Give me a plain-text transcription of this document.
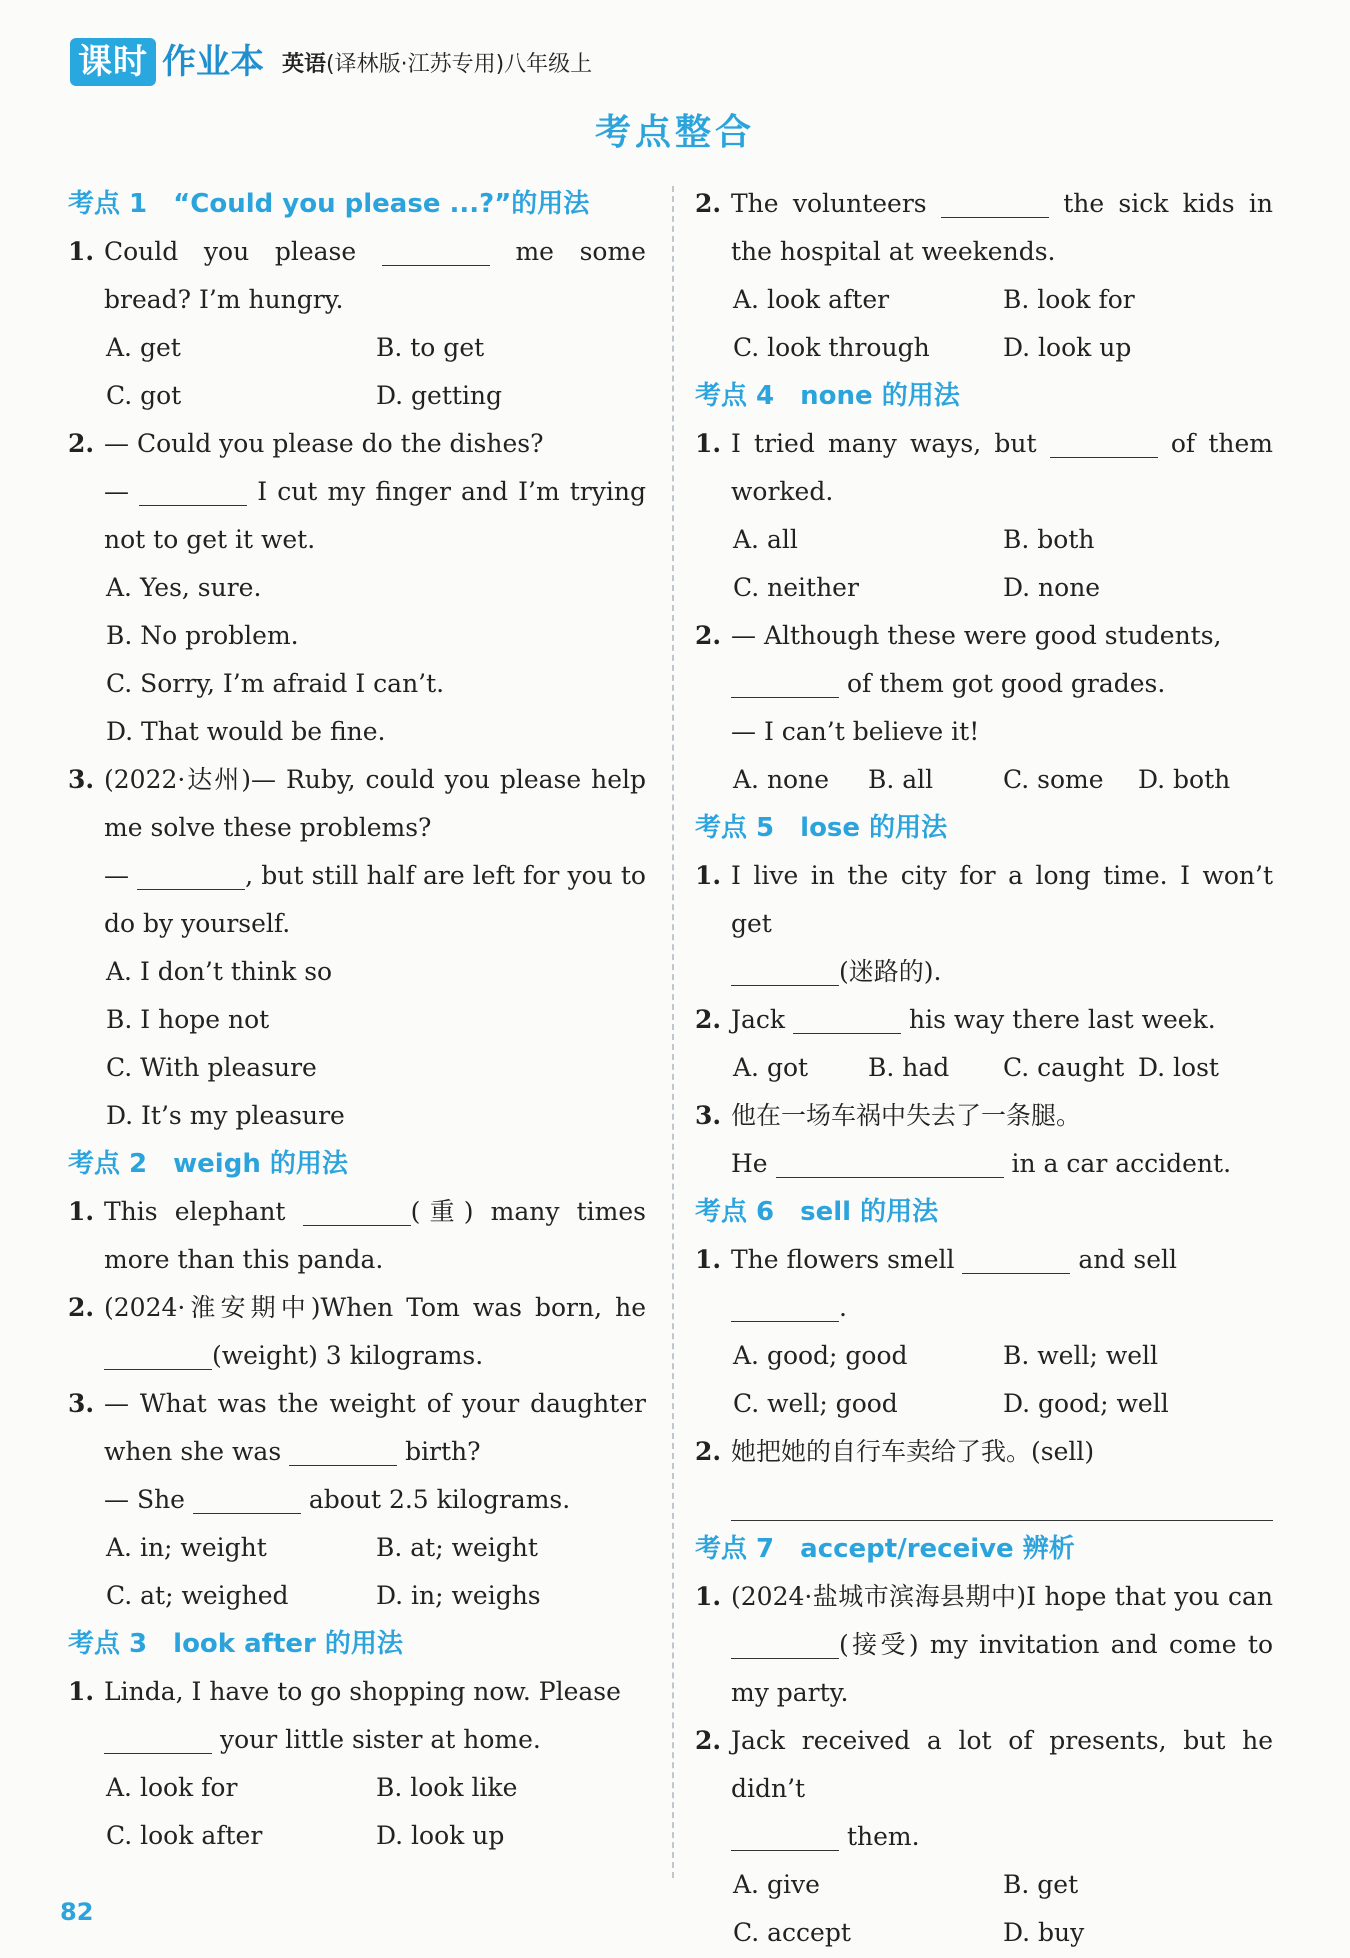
课时 作业本 英语(译林版·江苏专用)八年级上
考点整合
考点 1 “Could you please ...?”的用法
1. Could you please	me some bread? I’m hungry.
A. get	B. to get
C. got	D. getting
2. — Could you please do the dishes?
—	I cut my finger and I’m trying not to get it wet.
A. Yes, sure.
B. No problem.
C. Sorry, I’m afraid I can’t.
D. That would be fine.
3. (2022·达州)— Ruby, could you please help me solve these problems?
—	, but still half are left for you to do by yourself.
A. I don’t think so
B. I hope not
C. With pleasure
D. It’s my pleasure
考点 2 weigh 的用法
1. This elephant	(重) many times more than this panda.
2. (2024·淮安期中)When Tom was born, he (weight) 3 kilograms.
3. — What was the weight of your daughter when she was	birth?
— She	about 2.5 kilograms.
A. in; weight	B. at; weight
C. at; weighed	D. in; weighs
考点 3 look after 的用法
1. Linda, I have to go shopping now. Please
your little sister at home.
A. look for	B. look like
C. look after	D. look up
2. The volunteers	the sick kids in the hospital at weekends.
A. look after	B. look for
C. look through	D. look up
考点 4 none 的用法
1. I tried many ways, but	of them worked.
A. all	B. both
C. neither	D. none
2. — Although these were good students,
of them got good grades.
— I can’t believe it!
A. none	B. all	C. some	D. both
考点 5 lose 的用法
1. I live in the city for a long time. I won’t get
(迷路的).
2. Jack	his way there last week.
A. got	B. had	C. caught D. lost
3. 他在一场车祸中失去了一条腿。
He	in a car accident.
考点 6 sell 的用法
1. The flowers smell	and sell
.
A. good; good	B. well; well
C. well; good	D. good; well
2. 她把她的自行车卖给了我。(sell)
考点 7 accept/receive 辨析
1. (2024·盐城市滨海县期中)I hope that you can (接受) my invitation and come to my party.
2. Jack received a lot of presents, but he didn’t
them.
A. give	B. get
C. accept	D. buy
82
